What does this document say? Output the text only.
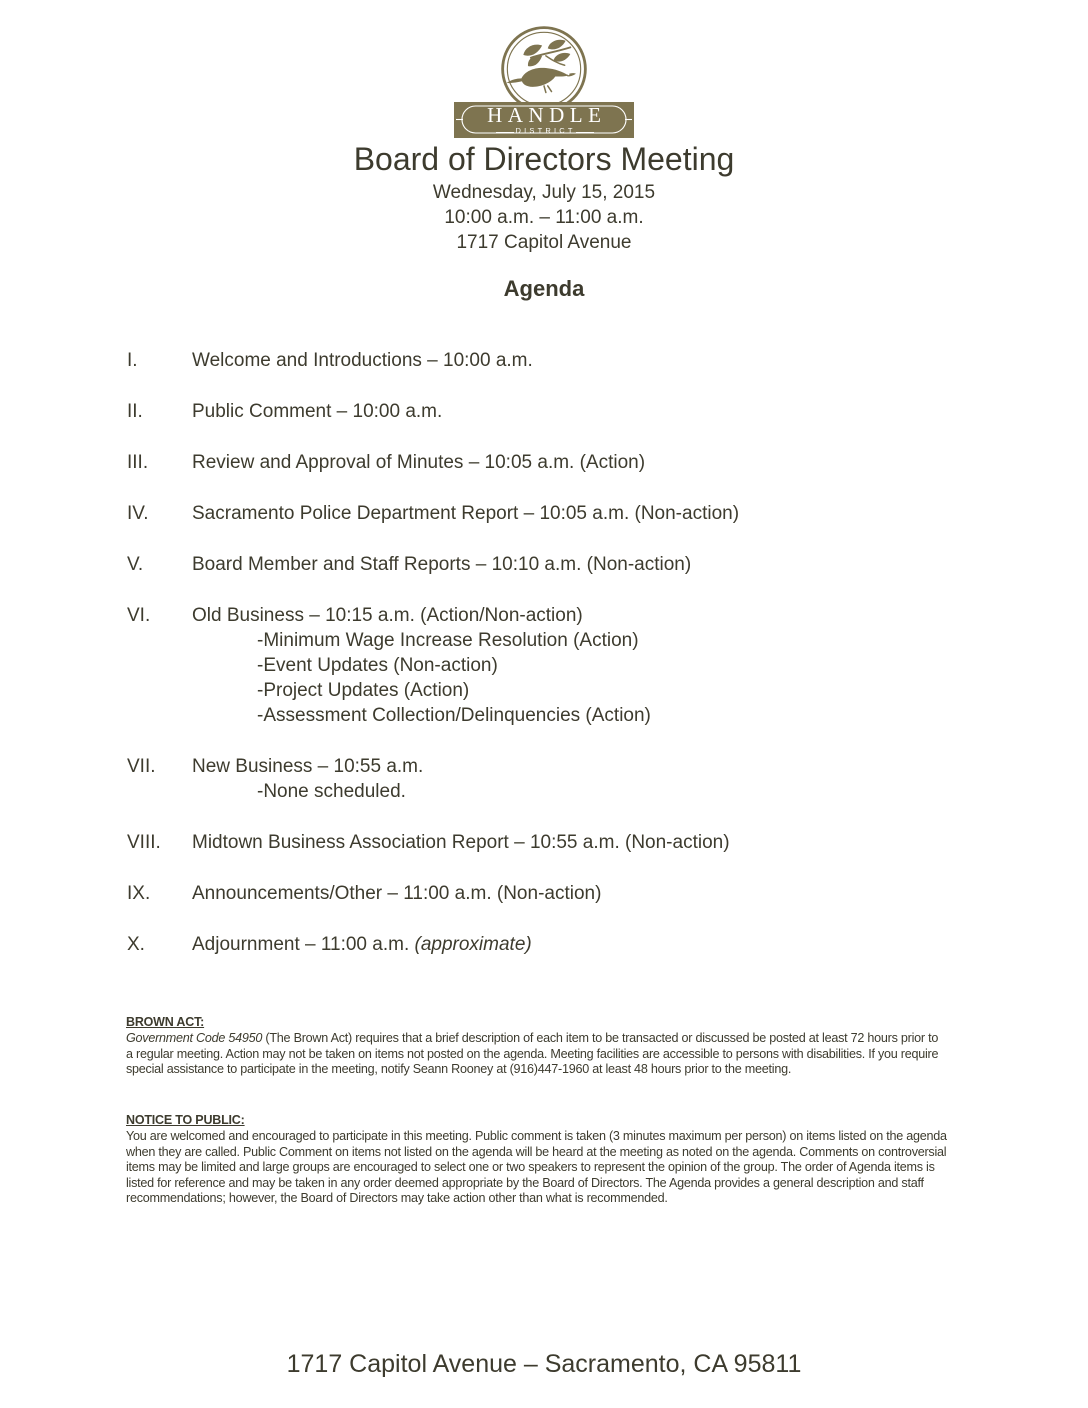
HANDLE
DISTRICT
Board of Directors Meeting
Wednesday, July 15, 2015
10:00 a.m. – 11:00 a.m.
1717 Capitol Avenue
Agenda
I.	Welcome and Introductions – 10:00 a.m.
II.	Public Comment – 10:00 a.m.
III.	Review and Approval of Minutes – 10:05 a.m. (Action)
IV.	Sacramento Police Department Report – 10:05 a.m. (Non-action)
V.	Board Member and Staff Reports – 10:10 a.m. (Non-action)
VI.	Old Business – 10:15 a.m. (Action/Non-action)
-Minimum Wage Increase Resolution (Action)
-Event Updates (Non-action)
-Project Updates (Action)
-Assessment Collection/Delinquencies (Action)
VII.	New Business – 10:55 a.m.
-None scheduled.
VIII.	Midtown Business Association Report – 10:55 a.m. (Non-action)
IX.	Announcements/Other – 11:00 a.m. (Non-action)
X.	Adjournment – 11:00 a.m. (approximate)
BROWN ACT:
Government Code 54950 (The Brown Act) requires that a brief description of each item to be transacted or discussed be posted at least 72 hours prior to a regular meeting. Action may not be taken on items not posted on the agenda. Meeting facilities are accessible to persons with disabilities. If you require special assistance to participate in the meeting, notify Seann Rooney at (916)447-1960 at least 48 hours prior to the meeting.
NOTICE TO PUBLIC:
You are welcomed and encouraged to participate in this meeting. Public comment is taken (3 minutes maximum per person) on items listed on the agenda when they are called. Public Comment on items not listed on the agenda will be heard at the meeting as noted on the agenda. Comments on controversial items may be limited and large groups are encouraged to select one or two speakers to represent the opinion of the group. The order of Agenda items is listed for reference and may be taken in any order deemed appropriate by the Board of Directors. The Agenda provides a general description and staff recommendations; however, the Board of Directors may take action other than what is recommended.
1717 Capitol Avenue – Sacramento, CA 95811
